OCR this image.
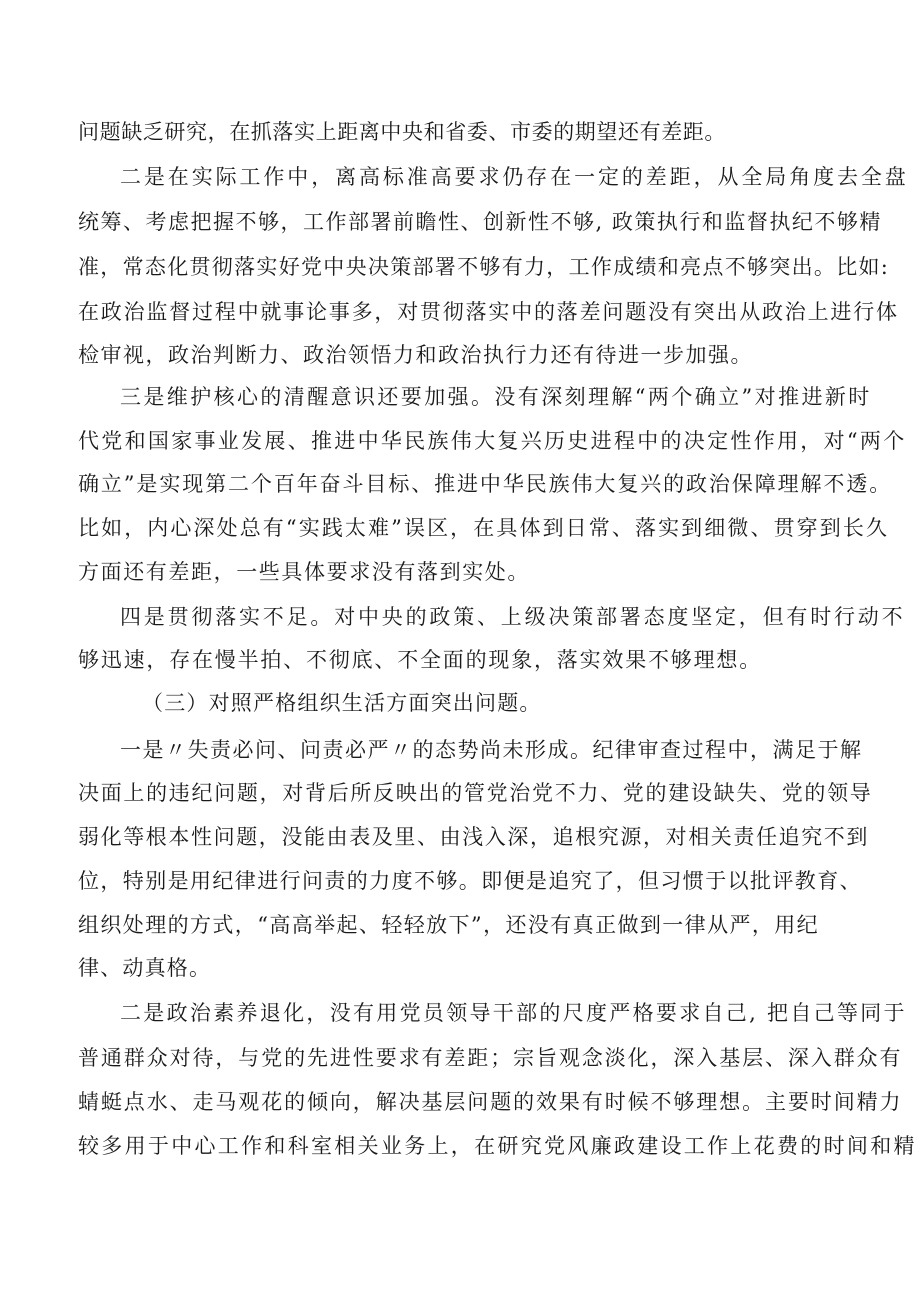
问题缺乏研究，在抓落实上距离中央和省委、市委的期望还有差距。
二是在实际工作中，离高标准高要求仍存在一定的差距，从全局角度去全盘
统筹、考虑把握不够，工作部署前瞻性、创新性不够, 政策执行和监督执纪不够精
准，常态化贯彻落实好党中央决策部署不够有力，工作成绩和亮点不够突出。比如:
在政治监督过程中就事论事多，对贯彻落实中的落差问题没有突出从政治上进行体
检审视，政治判断力、政治领悟力和政治执行力还有待进一步加强。
三是维护核心的清醒意识还要加强。没有深刻理解“两个确立”对推进新时
代党和国家事业发展、推进中华民族伟大复兴历史进程中的决定性作用，对“两个
确立”是实现第二个百年奋斗目标、推进中华民族伟大复兴的政治保障理解不透。
比如，内心深处总有“实践太难”误区，在具体到日常、落实到细微、贯穿到长久
方面还有差距，一些具体要求没有落到实处。
四是贯彻落实不足。对中央的政策、上级决策部署态度坚定，但有时行动不
够迅速，存在慢半拍、不彻底、不全面的现象，落实效果不够理想。
（三）对照严格组织生活方面突出问题。
一是〃失责必问、问责必严〃的态势尚未形成。纪律审查过程中，满足于解
决面上的违纪问题，对背后所反映出的管党治党不力、党的建设缺失、党的领导
弱化等根本性问题，没能由表及里、由浅入深，追根究源，对相关责任追究不到
位，特别是用纪律进行问责的力度不够。即便是追究了，但习惯于以批评教育、
组织处理的方式，“高高举起、轻轻放下”，还没有真正做到一律从严，用纪
律、动真格。
二是政治素养退化，没有用党员领导干部的尺度严格要求自己, 把自己等同于
普通群众对待，与党的先进性要求有差距；宗旨观念淡化，深入基层、深入群众有
蜻蜓点水、走马观花的倾向，解决基层问题的效果有时候不够理想。主要时间精力
较多用于中心工作和科室相关业务上，在研究党风廉政建设工作上花费的时间和精
